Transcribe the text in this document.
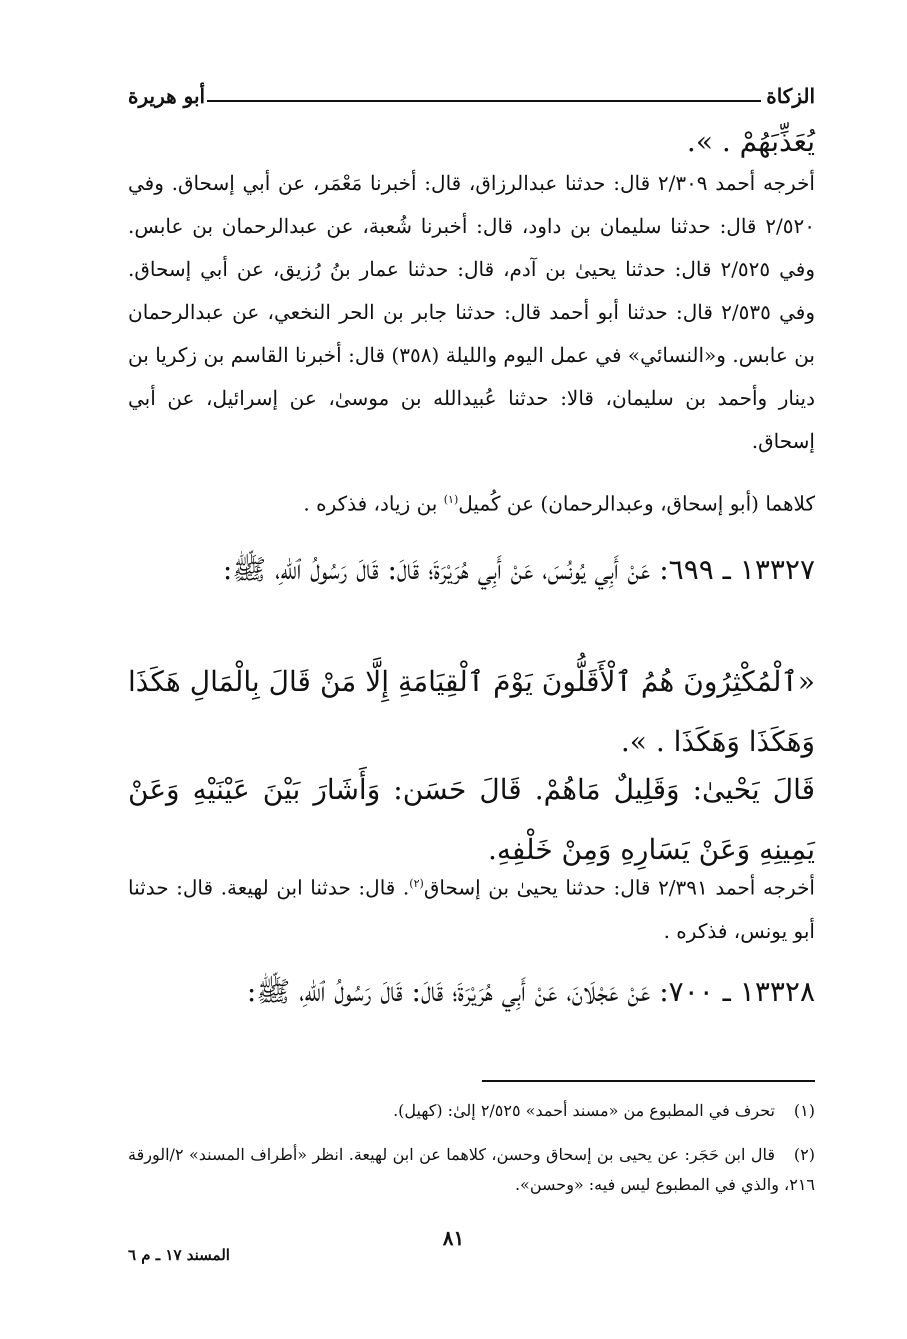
الزكاة
أبو هريرة
يُعَذِّبَهُمْ . ».
أخرجه أحمد ٢/٣٠٩ قال: حدثنا عبدالرزاق، قال: أخبرنا مَعْمَر، عن أبي إسحاق. وفي ٢/٥٢٠ قال: حدثنا سليمان بن داود، قال: أخبرنا شُعبة، عن عبدالرحمان بن عابس. وفي ٢/٥٢٥ قال: حدثنا يحيىٰ بن آدم، قال: حدثنا عمار بنُ رُزيق، عن أبي إسحاق. وفي ٢/٥٣٥ قال: حدثنا أبو أحمد قال: حدثنا جابر بن الحر النخعي، عن عبدالرحمان بن عابس. و«النسائي» في عمل اليوم والليلة (٣٥٨) قال: أخبرنا القاسم بن زكريا بن دينار وأحمد بن سليمان، قالا: حدثنا عُبيدالله بن موسىٰ، عن إسرائيل، عن أبي إسحاق.
كلاهما (أبو إسحاق، وعبدالرحمان) عن كُميل$^{(١)}$ بن زياد، فذكره .
١٣٣٢٧ ـ ٦٩٩: عَنْ أَبِي يُونُسَ، عَنْ أَبِي هُرَيْرَةَ؛ قَالَ: قَالَ رَسُولُ ٱللهِ، ﷺ:
«ٱلْمُكْثِرُونَ هُمُ ٱلْأَقَلُّونَ يَوْمَ ٱلْقِيَامَةِ إِلَّا مَنْ قَالَ بِالْمَالِ هَكَذَا وَهَكَذَا وَهَكَذَا . ».
قَالَ يَحْيىٰ: وَقَلِيلٌ مَاهُمْ. قَالَ حَسَن: وَأَشَارَ بَيْنَ عَيْنَيْهِ وَعَنْ يَمِينِهِ وَعَنْ يَسَارِهِ وَمِنْ خَلْفِهِ.
أخرجه أحمد ٢/٣٩١ قال: حدثنا يحيىٰ بن إسحاق$^{(٢)}$. قال: حدثنا ابن لهيعة. قال: حدثنا أبو يونس، فذكره .
١٣٣٢٨ ـ ٧٠٠: عَنْ عَجْلَانَ، عَنْ أَبِي هُرَيْرَةَ؛ قَالَ: قَالَ رَسُولُ ٱللهِ، ﷺ:
(١)تحرف في المطبوع من «مسند أحمد» ٢/٥٢٥ إلىٰ: (كهيل).
(٢)قال ابن حَجَر: عن يحيى بن إسحاق وحسن، كلاهما عن ابن لهيعة. انظر «أطراف المسند» ٢/الورقة ٢١٦، والذي في المطبوع ليس فيه: «وحسن».
٨١
المسند ١٧ ـ م ٦
